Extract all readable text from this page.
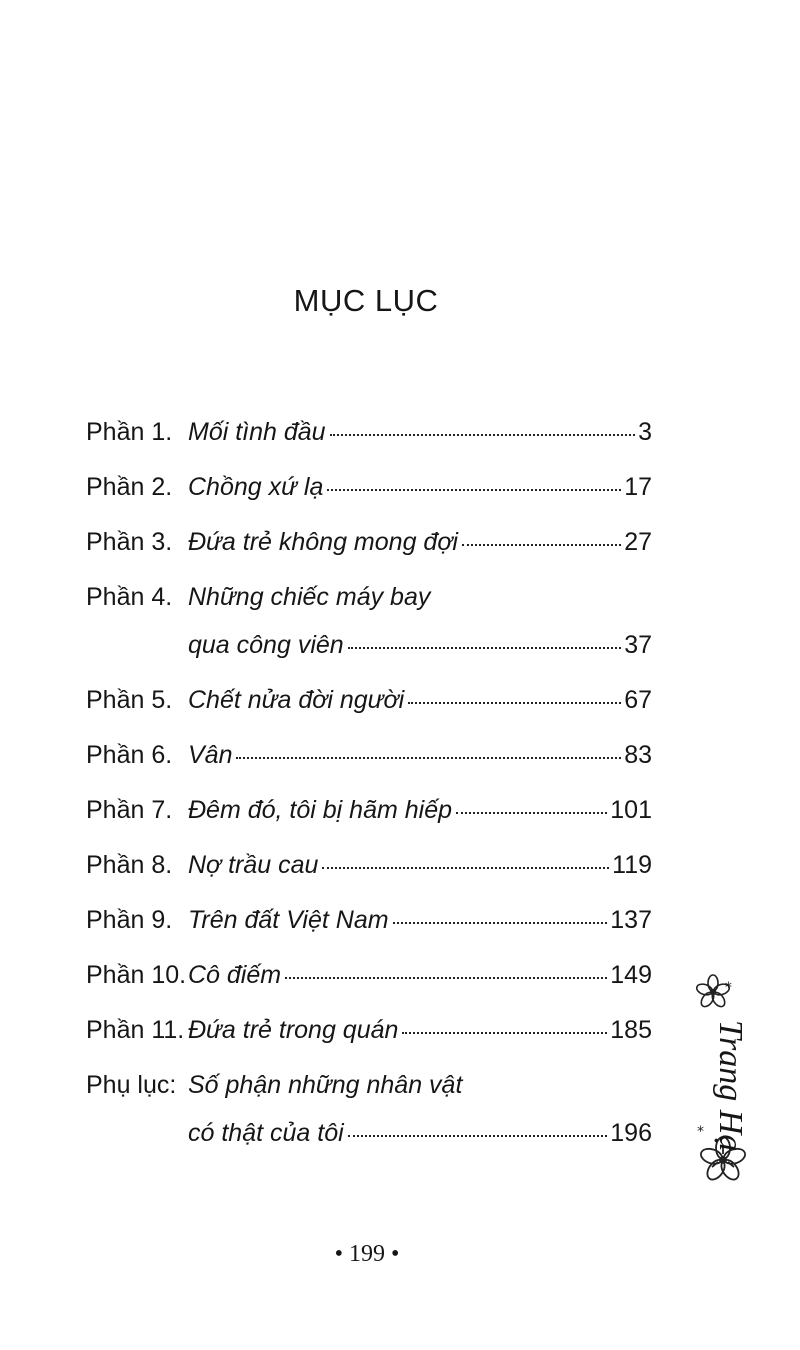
MỤC LỤC
Phần 1. Mối tình đầu	3
Phần 2. Chồng xứ lạ	17
Phần 3. Đứa trẻ không mong đợi	27
Phần 4. Những chiếc máy bay
qua công viên	37
Phần 5. Chết nửa đời người	67
Phần 6. Vân	83
Phần 7. Đêm đó, tôi bị hãm hiếp	101
Phần 8. Nợ trầu cau	119
Phần 9. Trên đất Việt Nam	137
Phần 10. Cô điếm	149
Phần 11. Đứa trẻ trong quán	185
Phụ lục: Số phận những nhân vật
có thật của tôi	196
• 199 •
*
* Trang Hạ
